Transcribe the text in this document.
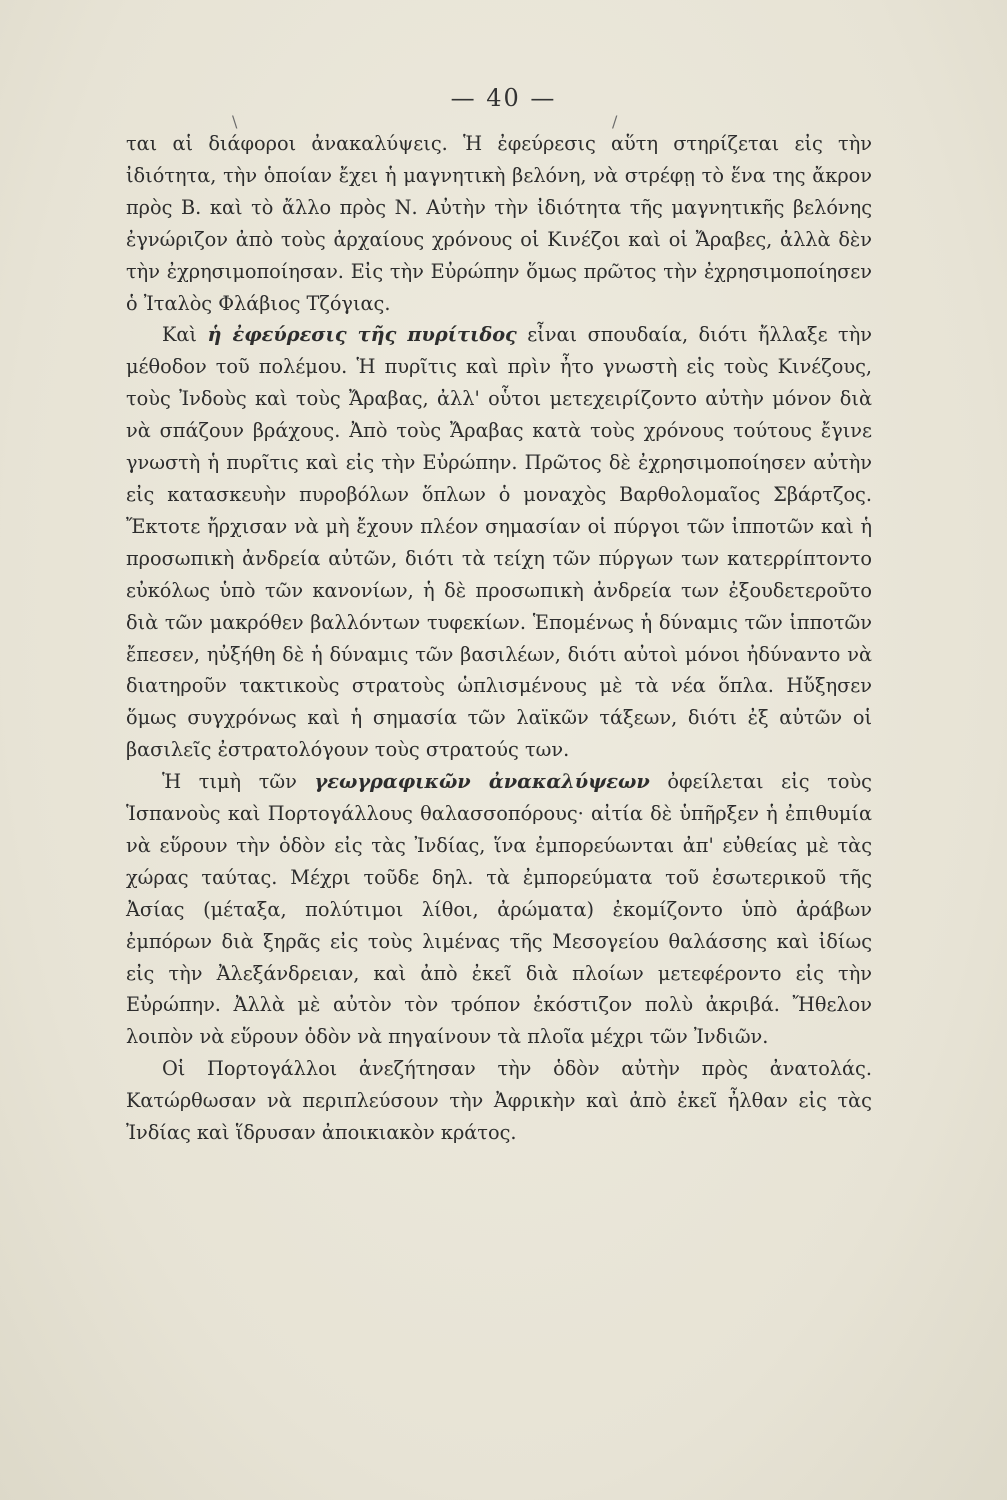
\	/
— 40 —

ται αἱ διάφοροι ἀνακαλύψεις. Ἡ ἐφεύρεσις αὕτη στηρίζεται εἰς τὴν ἰδιότητα, τὴν ὁποίαν ἔχει ἡ μαγνητικὴ βελόνη, νὰ στρέφῃ τὸ ἕνα της ἄκρον πρὸς Β. καὶ τὸ ἄλλο πρὸς Ν. Αὐτὴν τὴν ἰδιότητα τῆς μαγνητικῆς βελόνης ἐγνώριζον ἀπὸ τοὺς ἀρχαίους χρόνους οἱ Κινέζοι καὶ οἱ Ἄραβες, ἀλλὰ δὲν τὴν ἐχρησιμοποίησαν. Εἰς τὴν Εὐρώπην ὅμως πρῶτος τὴν ἐχρησιμοποίησεν ὁ Ἰταλὸς Φλάβιος Τζόγιας.

Καὶ ἡ ἐφεύρεσις τῆς πυρίτιδος εἶναι σπουδαία, διότι ἤλλαξε τὴν μέθοδον τοῦ πολέμου. Ἡ πυρῖτις καὶ πρὶν ἦτο γνωστὴ εἰς τοὺς Κινέζους, τοὺς Ἰνδοὺς καὶ τοὺς Ἄραβας, ἀλλ' οὗτοι μετεχειρίζοντο αὐτὴν μόνον διὰ νὰ σπάζουν βράχους. Ἀπὸ τοὺς Ἄραβας κατὰ τοὺς χρόνους τούτους ἔγινε γνωστὴ ἡ πυρῖτις καὶ εἰς τὴν Εὐρώπην. Πρῶτος δὲ ἐχρησιμοποίησεν αὐτὴν εἰς κατασκευὴν πυροβόλων ὅπλων ὁ μοναχὸς Βαρθολομαῖος Σβάρτζος. Ἔκτοτε ἤρχισαν νὰ μὴ ἔχουν πλέον σημασίαν οἱ πύργοι τῶν ἱπποτῶν καὶ ἡ προσωπικὴ ἀνδρεία αὐτῶν, διότι τὰ τείχη τῶν πύργων των κατερρίπτοντο εὐκόλως ὑπὸ τῶν κανονίων, ἡ δὲ προσωπικὴ ἀνδρεία των ἐξουδετεροῦτο διὰ τῶν μακρόθεν βαλλόντων τυφεκίων. Ἑπομένως ἡ δύναμις τῶν ἱπποτῶν ἔπεσεν, ηὐξήθη δὲ ἡ δύναμις τῶν βασιλέων, διότι αὐτοὶ μόνοι ἠδύναντο νὰ διατηροῦν τακτικοὺς στρατοὺς ὡπλισμένους μὲ τὰ νέα ὅπλα. Ηὔξησεν ὅμως συγχρόνως καὶ ἡ σημασία τῶν λαϊκῶν τάξεων, διότι ἐξ αὐτῶν οἱ βασιλεῖς ἐστρατολόγουν τοὺς στρατούς των.

Ἡ τιμὴ τῶν γεωγραφικῶν ἀνακαλύψεων ὀφείλεται εἰς τοὺς Ἱσπανοὺς καὶ Πορτογάλλους θαλασσοπόρους· αἰτία δὲ ὑπῆρξεν ἡ ἐπιθυμία νὰ εὕρουν τὴν ὁδὸν εἰς τὰς Ἰνδίας, ἵνα ἐμπορεύωνται ἀπ' εὐθείας μὲ τὰς χώρας ταύτας. Μέχρι τοῦδε δηλ. τὰ ἐμπορεύματα τοῦ ἐσωτερικοῦ τῆς Ἀσίας (μέταξα, πολύτιμοι λίθοι, ἀρώματα) ἐκομίζοντο ὑπὸ ἀράβων ἐμπόρων διὰ ξηρᾶς εἰς τοὺς λιμένας τῆς Μεσογείου θαλάσσης καὶ ἰδίως εἰς τὴν Ἀλεξάνδρειαν, καὶ ἀπὸ ἐκεῖ διὰ πλοίων μετεφέροντο εἰς τὴν Εὐρώπην. Ἀλλὰ μὲ αὐτὸν τὸν τρόπον ἐκόστιζον πολὺ ἀκριβά. Ἤθελον λοιπὸν νὰ εὕρουν ὁδὸν νὰ πηγαίνουν τὰ πλοῖα μέχρι τῶν Ἰνδιῶν.

Οἱ Πορτογάλλοι ἀνεζήτησαν τὴν ὁδὸν αὐτὴν πρὸς ἀνατολάς. Κατώρθωσαν νὰ περιπλεύσουν τὴν Ἀφρικὴν καὶ ἀπὸ ἐκεῖ ἦλθαν εἰς τὰς Ἰνδίας καὶ ἵδρυσαν ἀποικιακὸν κράτος.
